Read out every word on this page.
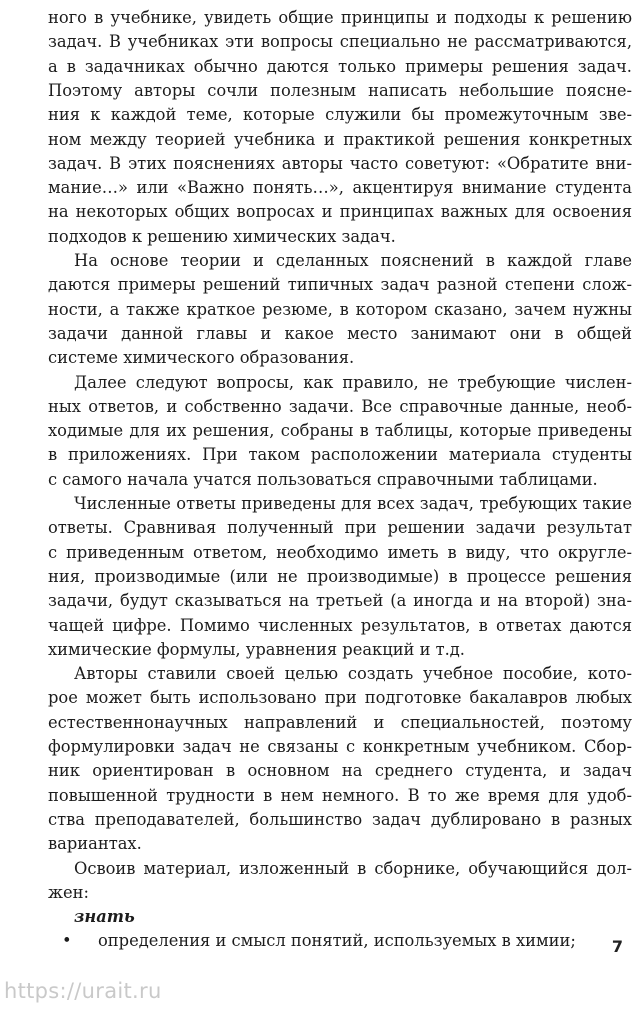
ного в учебнике, увидеть общие принципы и подходы к решению
задач. В учебниках эти вопросы специально не рассматриваются,
а в задачниках обычно даются только примеры решения задач.
Поэтому авторы сочли полезным написать небольшие поясне-
ния к каждой теме, которые служили бы промежуточным зве-
ном между теорией учебника и практикой решения конкретных
задач. В этих пояснениях авторы часто советуют: «Обратите вни-
мание…» или «Важно понять…», акцентируя внимание студента
на некоторых общих вопросах и принципах важных для освоения
подходов к решению химических задач.
На основе теории и сделанных пояснений в каждой главе
даются примеры решений типичных задач разной степени слож-
ности, а также краткое резюме, в котором сказано, зачем нужны
задачи данной главы и какое место занимают они в общей
системе химического образования.
Далее следуют вопросы, как правило, не требующие числен-
ных ответов, и собственно задачи. Все справочные данные, необ-
ходимые для их решения, собраны в таблицы, которые приведены
в приложениях. При таком расположении материала студенты
с самого начала учатся пользоваться справочными таблицами.
Численные ответы приведены для всех задач, требующих такие
ответы. Сравнивая полученный при решении задачи результат
с приведенным ответом, необходимо иметь в виду, что округле-
ния, производимые (или не производимые) в процессе решения
задачи, будут сказываться на третьей (а иногда и на второй) зна-
чащей цифре. Помимо численных результатов, в ответах даются
химические формулы, уравнения реакций и т.д.
Авторы ставили своей целью создать учебное пособие, кото-
рое может быть использовано при подготовке бакалавров любых
естественнонаучных направлений и специальностей, поэтому
формулировки задач не связаны с конкретным учебником. Сбор-
ник ориентирован в основном на среднего студента, и задач
повышенной трудности в нем немного. В то же время для удоб-
ства преподавателей, большинство задач дублировано в разных
вариантах.
Освоив материал, изложенный в сборнике, обучающийся дол-
жен:
знать
• определения и смысл понятий, используемых в химии; 7
https://urait.ru
